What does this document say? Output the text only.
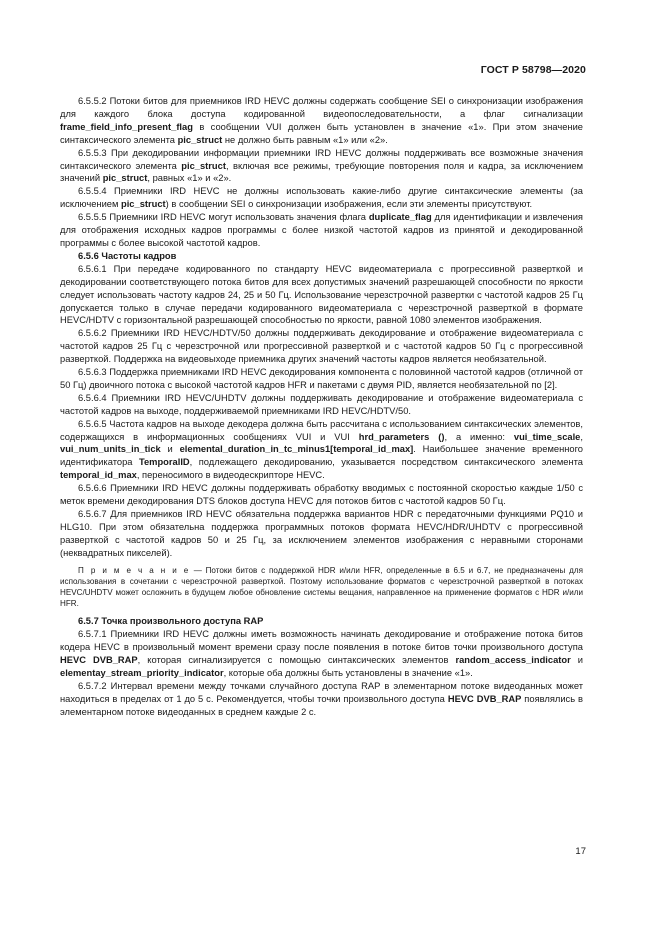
ГОСТ Р 58798—2020

6.5.5.2 Потоки битов для приемников IRD HEVC должны содержать сообщение SEI о синхронизации изображения для каждого блока доступа кодированной видеопоследовательности, а флаг сигнализации frame_field_info_present_flag в сообщении VUI должен быть установлен в значение «1». При этом значение синтаксического элемента pic_struct не должно быть равным «1» или «2».

6.5.5.3 При декодировании информации приемники IRD HEVC должны поддерживать все возможные значения синтаксического элемента pic_struct, включая все режимы, требующие повторения поля и кадра, за исключением значений pic_struct, равных «1» и «2».

6.5.5.4 Приемники IRD HEVC не должны использовать какие-либо другие синтаксические элементы (за исключением pic_struct) в сообщении SEI о синхронизации изображения, если эти элементы присутствуют.

6.5.5.5 Приемники IRD HEVC могут использовать значения флага duplicate_flag для идентификации и извлечения для отображения исходных кадров программы с более низкой частотой кадров из принятой и декодированной программы с более высокой частотой кадров.

6.5.6 Частоты кадров

6.5.6.1 При передаче кодированного по стандарту HEVC видеоматериала с прогрессивной разверткой и декодировании соответствующего потока битов для всех допустимых значений разрешающей способности по яркости следует использовать частоту кадров 24, 25 и 50 Гц. Использование черезстрочной развертки с частотой кадров 25 Гц допускается только в случае передачи кодированного видеоматериала с черезстрочной разверткой в формате HEVC/HDTV с горизонтальной разрешающей способностью по яркости, равной 1080 элементов изображения.

6.5.6.2 Приемники IRD HEVC/HDTV/50 должны поддерживать декодирование и отображение видеоматериала с частотой кадров 25 Гц с черезстрочной или прогрессивной разверткой и с частотой кадров 50 Гц с прогрессивной разверткой. Поддержка на видеовыходе приемника других значений частоты кадров является необязательной.

6.5.6.3 Поддержка приемниками IRD HEVC декодирования компонента с половинной частотой кадров (отличной от 50 Гц) двоичного потока с высокой частотой кадров HFR и пакетами с двумя PID, является необязательной по [2].

6.5.6.4 Приемники IRD HEVC/UHDTV должны поддерживать декодирование и отображение видеоматериала с частотой кадров на выходе, поддерживаемой приемниками IRD HEVC/HDTV/50.

6.5.6.5 Частота кадров на выходе декодера должна быть рассчитана с использованием синтаксических элементов, содержащихся в информационных сообщениях VUI и VUI hrd_parameters (), а именно: vui_time_scale, vui_num_units_in_tick и elemental_duration_in_tc_minus1[temporal_id_max]. Наибольшее значение временного идентификатора TemporalID, подлежащего декодированию, указывается посредством синтаксического элемента temporal_id_max, переносимого в видеодескрипторе HEVC.

6.5.6.6 Приемники IRD HEVC должны поддерживать обработку вводимых с постоянной скоростью каждые 1/50 с меток времени декодирования DTS блоков доступа HEVC для потоков битов с частотой кадров 50 Гц.

6.5.6.7 Для приемников IRD HEVC обязательна поддержка вариантов HDR с передаточными функциями PQ10 и HLG10. При этом обязательна поддержка программных потоков формата HEVC/HDR/UHDTV с прогрессивной разверткой с частотой кадров 50 и 25 Гц, за исключением элементов изображения с неравными сторонами (неквадратных пикселей).

П р и м е ч а н и е — Потоки битов с поддержкой HDR и/или HFR, определенные в 6.5 и 6.7, не предназначены для использования в сочетании с черезстрочной разверткой. Поэтому использование форматов с черезстрочной разверткой в потоках HEVC/UHDTV может осложнить в будущем любое обновление системы вещания, направленное на применение форматов с HDR и/или HFR.

6.5.7 Точка произвольного доступа RAP

6.5.7.1 Приемники IRD HEVC должны иметь возможность начинать декодирование и отображение потока битов кодера HEVC в произвольный момент времени сразу после появления в потоке битов точки произвольного доступа HEVC DVB_RAP, которая сигнализируется с помощью синтаксических элементов random_access_indicator и elementay_stream_priority_indicator, которые оба должны быть установлены в значение «1».

6.5.7.2 Интервал времени между точками случайного доступа RAP в элементарном потоке видеоданных может находиться в пределах от 1 до 5 с. Рекомендуется, чтобы точки произвольного доступа HEVC DVB_RAP появлялись в элементарном потоке видеоданных в среднем каждые 2 с.

17
